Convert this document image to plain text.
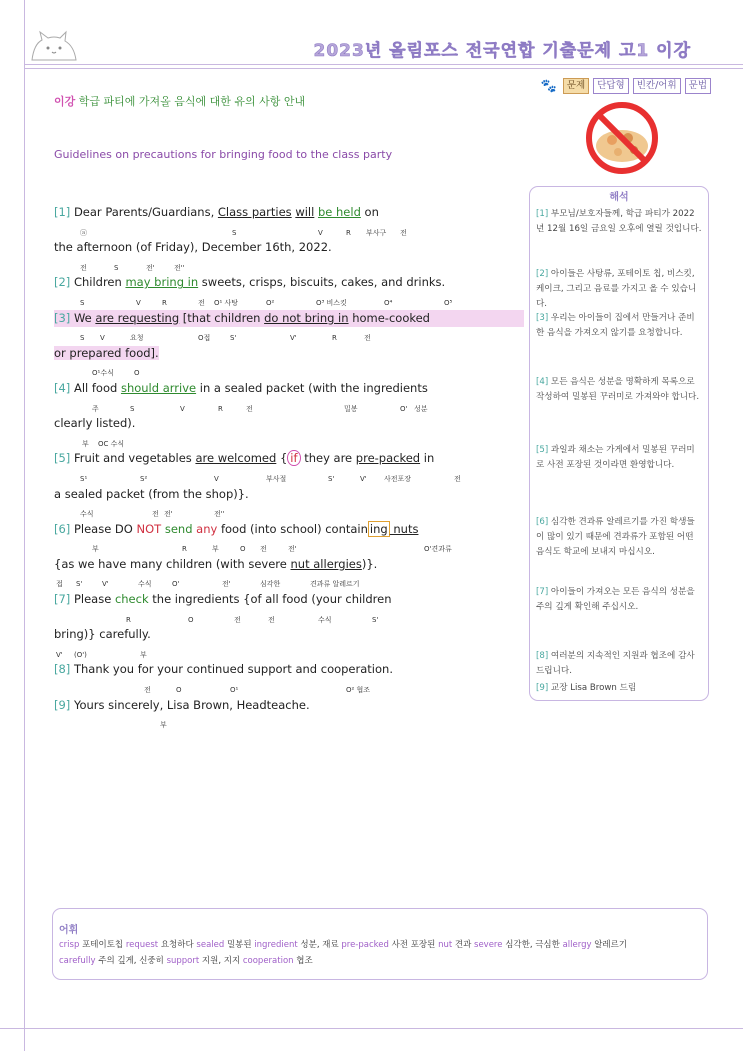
2023년 올림포스 전국연합 기출문제 고1 이강
🐾	문제	단답형	빈칸/어휘	문법
이강 학급 파티에 가져올 음식에 대한 유의 사항 안내
Guidelines on precautions for bringing food to the class party
[1] Dear Parents/Guardians, Class parties will be held on
ⓐ	S	V	R 부사구 전
the afternoon (of Friday), December 16th, 2022.
전	S	전'	전''
[2] Children may bring in sweets, crisps, biscuits, cakes, and drinks.
S	V	R	전 O¹ 사탕	O²	O³ 비스킷	O⁴	O⁵
[3] We are requesting [that children do not bring in home-cooked
S V	요청	O접	S'	V'	R	전
or prepared food].
O¹수식	O
[4] All food should arrive in a sealed packet (with the ingredients
주	S	V	R	전	밀봉	O' 성분
clearly listed).
부 OC 수식
[5] Fruit and vegetables are welcomed { if they are pre-packed in
S¹	S²	V	부사절	S'	V' 사전포장	전
a sealed packet (from the shop)}.
수식	전 전'	전''
[6] Please DO NOT send any food (into school) contain ing nuts
부	R	부	O 전	전'	O'견과류
{as we have many children (with severe nut allergies)}.
접 S'	V'	수식	O'	전'	심각한	견과류 알레르기
[7] Please check the ingredients {of all food (your children
R	O	전	전	수식	S'
bring)} carefully.
V' (O')	부
[8] Thank you for your continued support and cooperation.
전	O	O¹	O² 협조
[9] Yours sincerely, Lisa Brown, Headteache.
부
해석
[1] 부모님/보호자들께, 학급 파티가 2022년 12월 16일 금요일 오후에 열릴 것입니다.
[2] 아이들은 사탕류, 포테이토 칩, 비스킷, 케이크, 그리고 음료를 가지고 올 수 있습니다.
[3] 우리는 아이들이 집에서 만들거나 준비한 음식을 가져오지 않기를 요청합니다.
[4] 모든 음식은 성분을 명확하게 목록으로 작성하여 밀봉된 꾸러미로 가져와야 합니다.
[5] 과일과 채소는 가게에서 밀봉된 꾸러미로 사전 포장된 것이라면 환영합니다.
[6] 심각한 견과류 알레르기를 가진 학생들이 많이 있기 때문에 견과류가 포함된 어떤 음식도 학교에 보내지 마십시오.
[7] 아이들이 가져오는 모든 음식의 성분을 주의 깊게 확인해 주십시오.
[8] 여러분의 지속적인 지원과 협조에 감사드립니다.
[9] 교장 Lisa Brown 드림
어휘
crisp 포테이토칩 request 요청하다 sealed 밀봉된 ingredient 성분, 재료 pre-packed 사전 포장된 nut 견과 severe 심각한, 극심한 allergy 알레르기
carefully 주의 깊게, 신중히 support 지원, 지지 cooperation 협조
